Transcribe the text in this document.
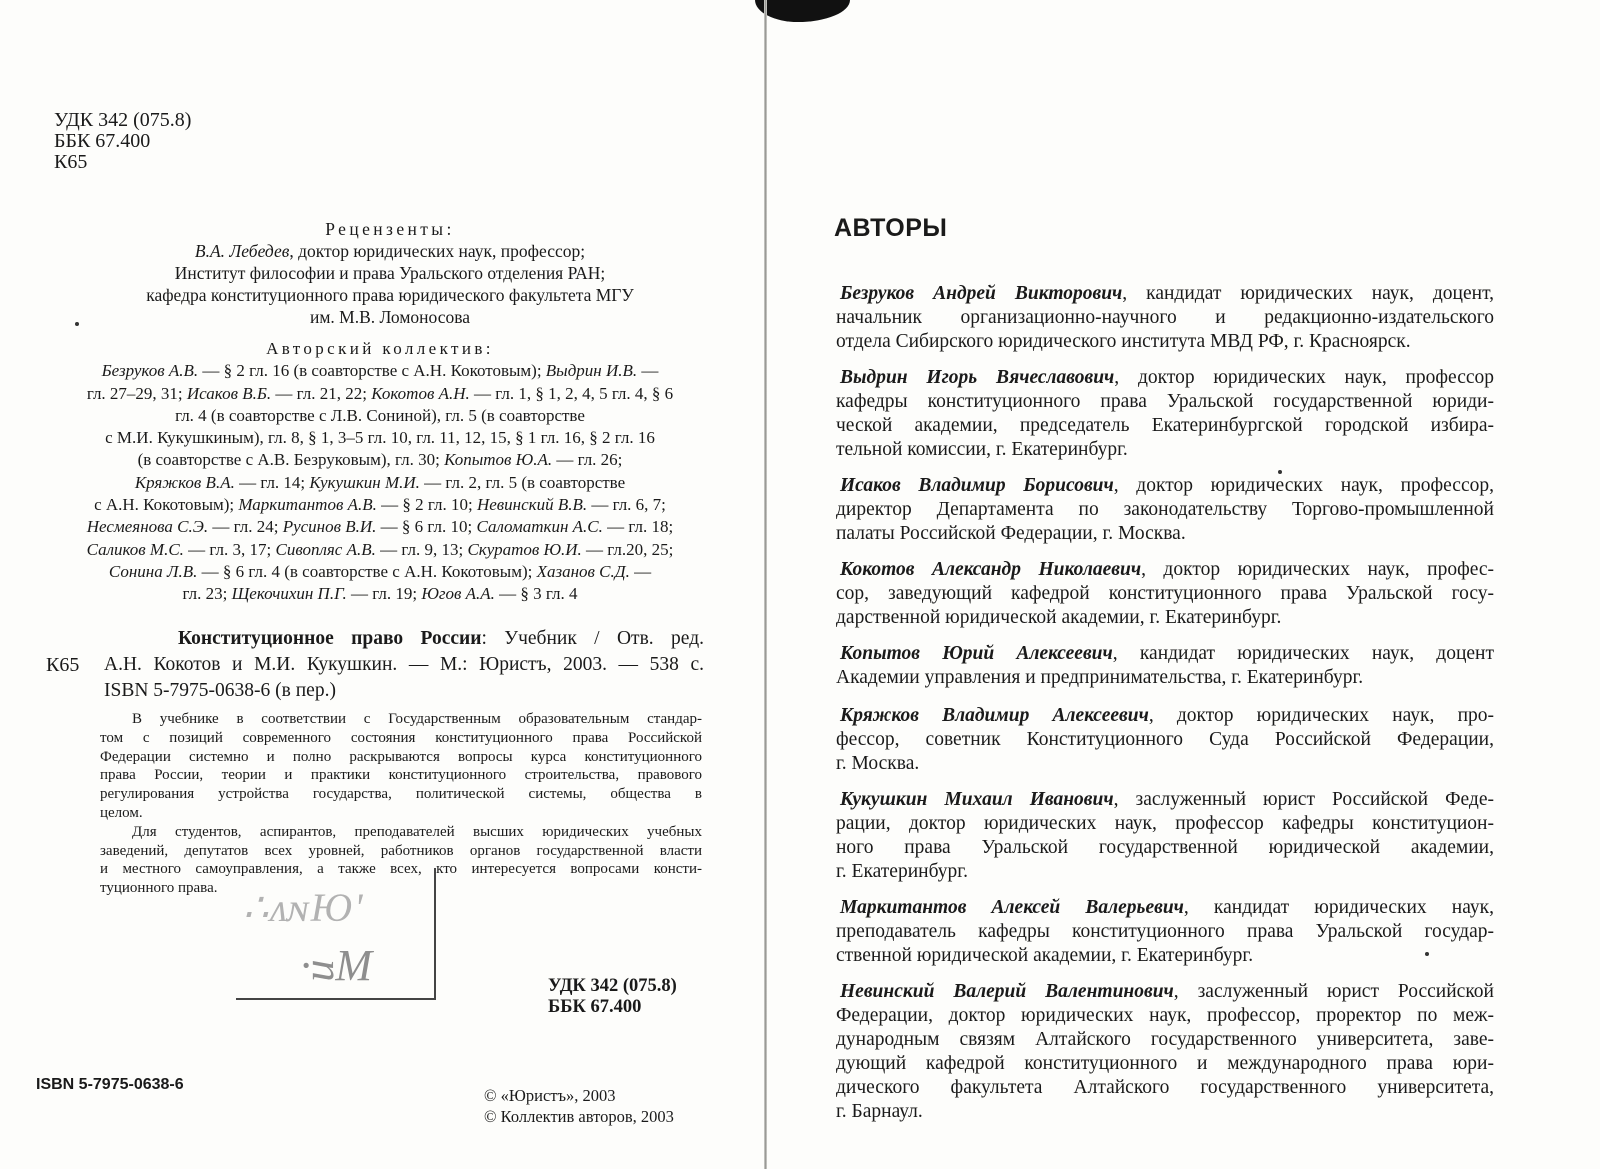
УДК 342 (075.8)
ББК 67.400
К65
Рецензенты:
В.А. Лебедев, доктор юридических наук, профессор;
Институт философии и права Уральского отделения РАН;
кафедра конституционного права юридического факультета МГУ
им. М.В. Ломоносова
Авторский коллектив:
Безруков А.В. — § 2 гл. 16 (в соавторстве с А.Н. Кокотовым); Выдрин И.В. —
гл. 27–29, 31; Исаков В.Б. — гл. 21, 22; Кокотов А.Н. — гл. 1, § 1, 2, 4, 5 гл. 4, § 6
гл. 4 (в соавторстве с Л.В. Сониной), гл. 5 (в соавторстве
с М.И. Кукушкиным), гл. 8, § 1, 3–5 гл. 10, гл. 11, 12, 15, § 1 гл. 16, § 2 гл. 16
(в соавторстве с А.В. Безруковым), гл. 30; Копытов Ю.А. — гл. 26;
Кряжков В.А. — гл. 14; Кукушкин М.И. — гл. 2, гл. 5 (в соавторстве
с А.Н. Кокотовым); Маркитантов А.В. — § 2 гл. 10; Невинский В.В. — гл. 6, 7;
Несмеянова С.Э. — гл. 24; Русинов В.И. — § 6 гл. 10; Саломаткин А.С. — гл. 18;
Саликов М.С. — гл. 3, 17; Сивопляс А.В. — гл. 9, 13; Скуратов Ю.И. — гл.20, 25;
Сонина Л.В. — § 6 гл. 4 (в соавторстве с А.Н. Кокотовым); Хазанов С.Д. —
гл. 23; Щекочихин П.Г. — гл. 19; Югов А.А. — § 3 гл. 4
К65
Конституционное право России: Учебник / Отв. ред.
А.Н. Кокотов и М.И. Кукушкин. — М.: Юристъ, 2003. — 538 с.
ISBN 5-7975-0638-6 (в пер.)
В учебнике в соответствии с Государственным образовательным стандар-
том с позиций современного состояния конституционного права Российской
Федерации системно и полно раскрываются вопросы курса конституционного
права России, теории и практики конституционного строительства, правового
регулирования устройства государства, политической системы, общества в
целом.
Для студентов, аспирантов, преподавателей высших юридических учебных
заведений, депутатов всех уровней, работников органов государственной власти
и местного самоуправления, а также всех, кто интересуется вопросами консти-
туционного права. ∴ᴧɴЮ'
·ᴝΜ	УДК 342 (075.8)
ББК 67.400
ISBN 5-7975-0638-6
© «Юристъ», 2003
© Коллектив авторов, 2003
АВТОРЫ
Безруков Андрей Викторович, кандидат юридических наук, доцент,
начальник организационно-научного и редакционно-издательского
отдела Сибирского юридического института МВД РФ, г. Красноярск.
Выдрин Игорь Вячеславович, доктор юридических наук, профессор
кафедры конституционного права Уральской государственной юриди-
ческой академии, председатель Екатеринбургской городской избира-
тельной комиссии, г. Екатеринбург.
Исаков Владимир Борисович, доктор юридических наук, профессор,
директор Департамента по законодательству Торгово-промышленной
палаты Российской Федерации, г. Москва.
Кокотов Александр Николаевич, доктор юридических наук, профес-
сор, заведующий кафедрой конституционного права Уральской госу-
дарственной юридической академии, г. Екатеринбург.
Копытов Юрий Алексеевич, кандидат юридических наук, доцент
Академии управления и предпринимательства, г. Екатеринбург.
Кряжков Владимир Алексеевич, доктор юридических наук, про-
фессор, советник Конституционного Суда Российской Федерации,
г. Москва.
Кукушкин Михаил Иванович, заслуженный юрист Российской Феде-
рации, доктор юридических наук, профессор кафедры конституцион-
ного права Уральской государственной юридической академии,
г. Екатеринбург.
Маркитантов Алексей Валерьевич, кандидат юридических наук,
преподаватель кафедры конституционного права Уральской государ-
ственной юридической академии, г. Екатеринбург.
Невинский Валерий Валентинович, заслуженный юрист Российской
Федерации, доктор юридических наук, профессор, проректор по меж-
дународным связям Алтайского государственного университета, заве-
дующий кафедрой конституционного и международного права юри-
дического факультета Алтайского государственного университета,
г. Барнаул.
